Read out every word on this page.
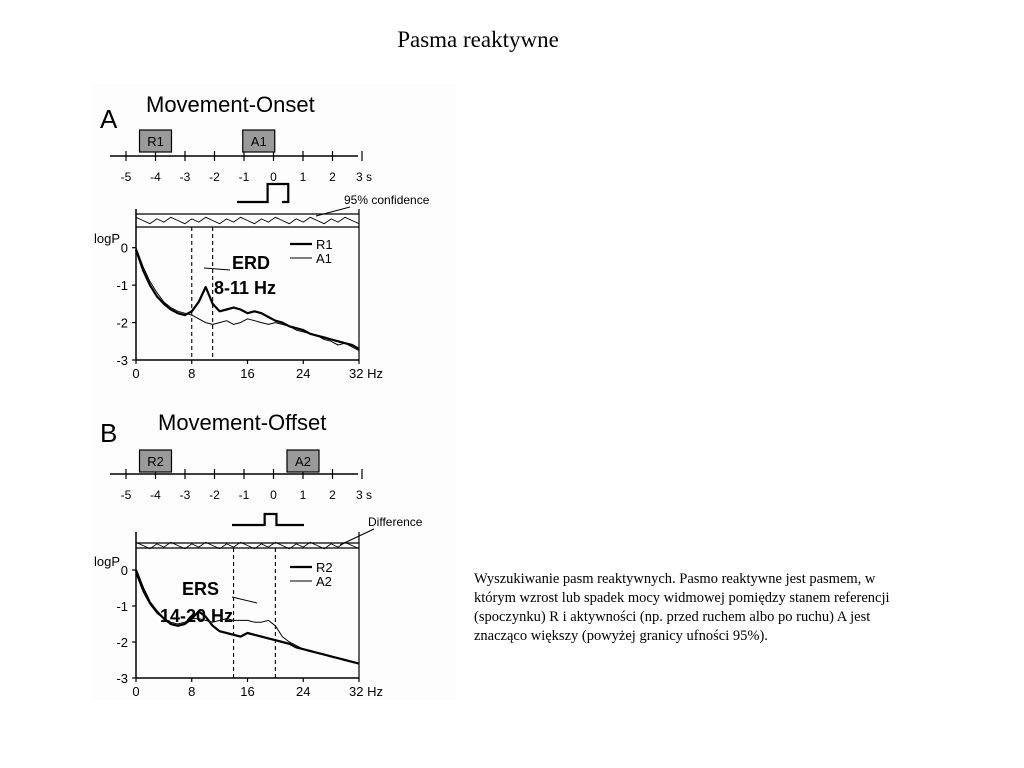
Pasma reaktywne
A Movement-Onset
-5 -4 -3 -2 -1 0 1 2 3 s
R1	A1
95% confidence
logP
0
-1
-2
-3
0	8	16	24	32 Hz
R1
A1
ERD
8-11 Hz
B Movement-Offset
-5 -4 -3 -2 -1 0 1 2 3 s
R2	A2
Difference
logP
0
-1
-2
-3
0	8	16	24	32 Hz
R2
A2
ERS
14-20 Hz
Wyszukiwanie pasm reaktywnych. Pasmo reaktywne jest pasmem, w którym wzrost lub spadek mocy widmowej pomiędzy stanem referencji (spoczynku) R i aktywności (np. przed ruchem albo po ruchu) A jest znacząco większy (powyżej granicy ufności 95%).
